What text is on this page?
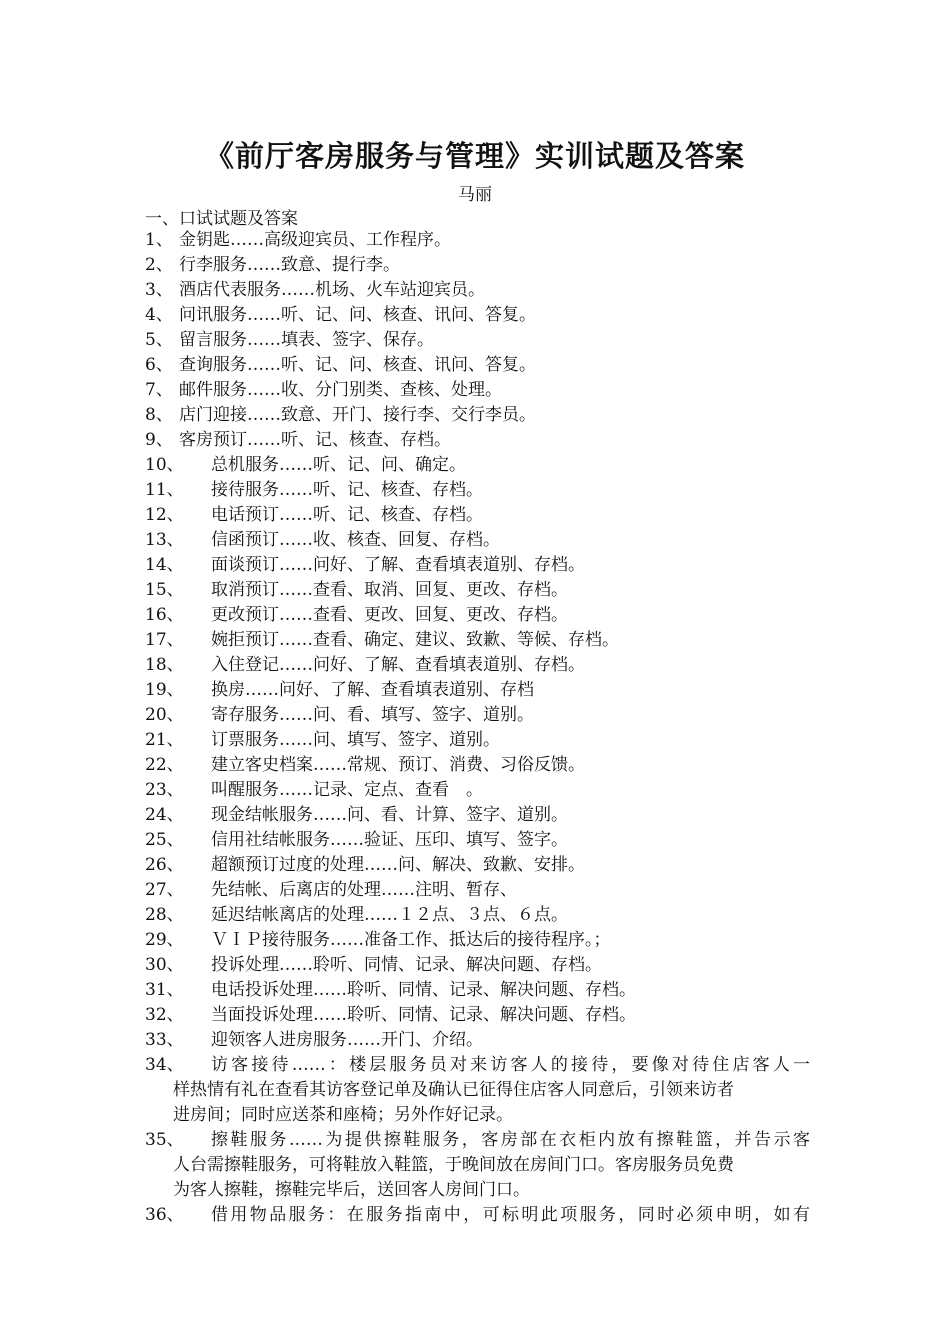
《前厅客房服务与管理》实训试题及答案
马丽
一、口试试题及答案
1、 金钥匙……高级迎宾员、工作程序。
2、 行李服务……致意、提行李。
3、 酒店代表服务……机场、火车站迎宾员。
4、 问讯服务……听、记、问、核查、讯问、答复。
5、 留言服务……填表、签字、保存。
6、 查询服务……听、记、问、核查、讯问、答复。
7、 邮件服务……收、分门别类、查核、处理。
8、 店门迎接……致意、开门、接行李、交行李员。
9、 客房预订……听、记、核查、存档。
10、 总机服务……听、记、问、确定。
11、 接待服务……听、记、核查、存档。
12、 电话预订……听、记、核查、存档。
13、 信函预订……收、核查、回复、存档。
14、 面谈预订……问好、了解、查看填表道别、存档。
15、 取消预订……查看、取消、回复、更改、存档。
16、 更改预订……查看、更改、回复、更改、存档。
17、 婉拒预订……查看、确定、建议、致歉、等候、存档。
18、 入住登记……问好、了解、查看填表道别、存档。
19、 换房……问好、了解、查看填表道别、存档
20、 寄存服务……问、看、填写、签字、道别。
21、 订票服务……问、填写、签字、道别。
22、 建立客史档案……常规、预订、消费、习俗反馈。
23、 叫醒服务……记录、定点、查看　。
24、 现金结帐服务……问、看、计算、签字、道别。
25、 信用社结帐服务……验证、压印、填写、签字。
26、 超额预订过度的处理……问、解决、致歉、安排。
27、 先结帐、后离店的处理……注明、暂存、
28、 延迟结帐离店的处理……１２点、３点、６点。
29、 ＶＩＰ接待服务……准备工作、抵达后的接待程序。；
30、 投诉处理……聆听、同情、记录、解决问题、存档。
31、 电话投诉处理……聆听、同情、记录、解决问题、存档。
32、 当面投诉处理……聆听、同情、记录、解决问题、存档。
33、 迎领客人进房服务……开门、介绍。
34、	访客接待……：楼层服务员对来访客人的接待，要像对待住店客人一
样热情有礼在查看其访客登记单及确认已征得住店客人同意后，引领来访者
进房间；同时应送茶和座椅；另外作好记录。
35、	擦鞋服务……为提供擦鞋服务，客房部在衣柜内放有擦鞋篮，并告示客
人台需擦鞋服务，可将鞋放入鞋篮，于晚间放在房间门口。客房服务员免费
为客人擦鞋，擦鞋完毕后，送回客人房间门口。
36、	借用物品服务：在服务指南中，可标明此项服务，同时必须申明，如有
